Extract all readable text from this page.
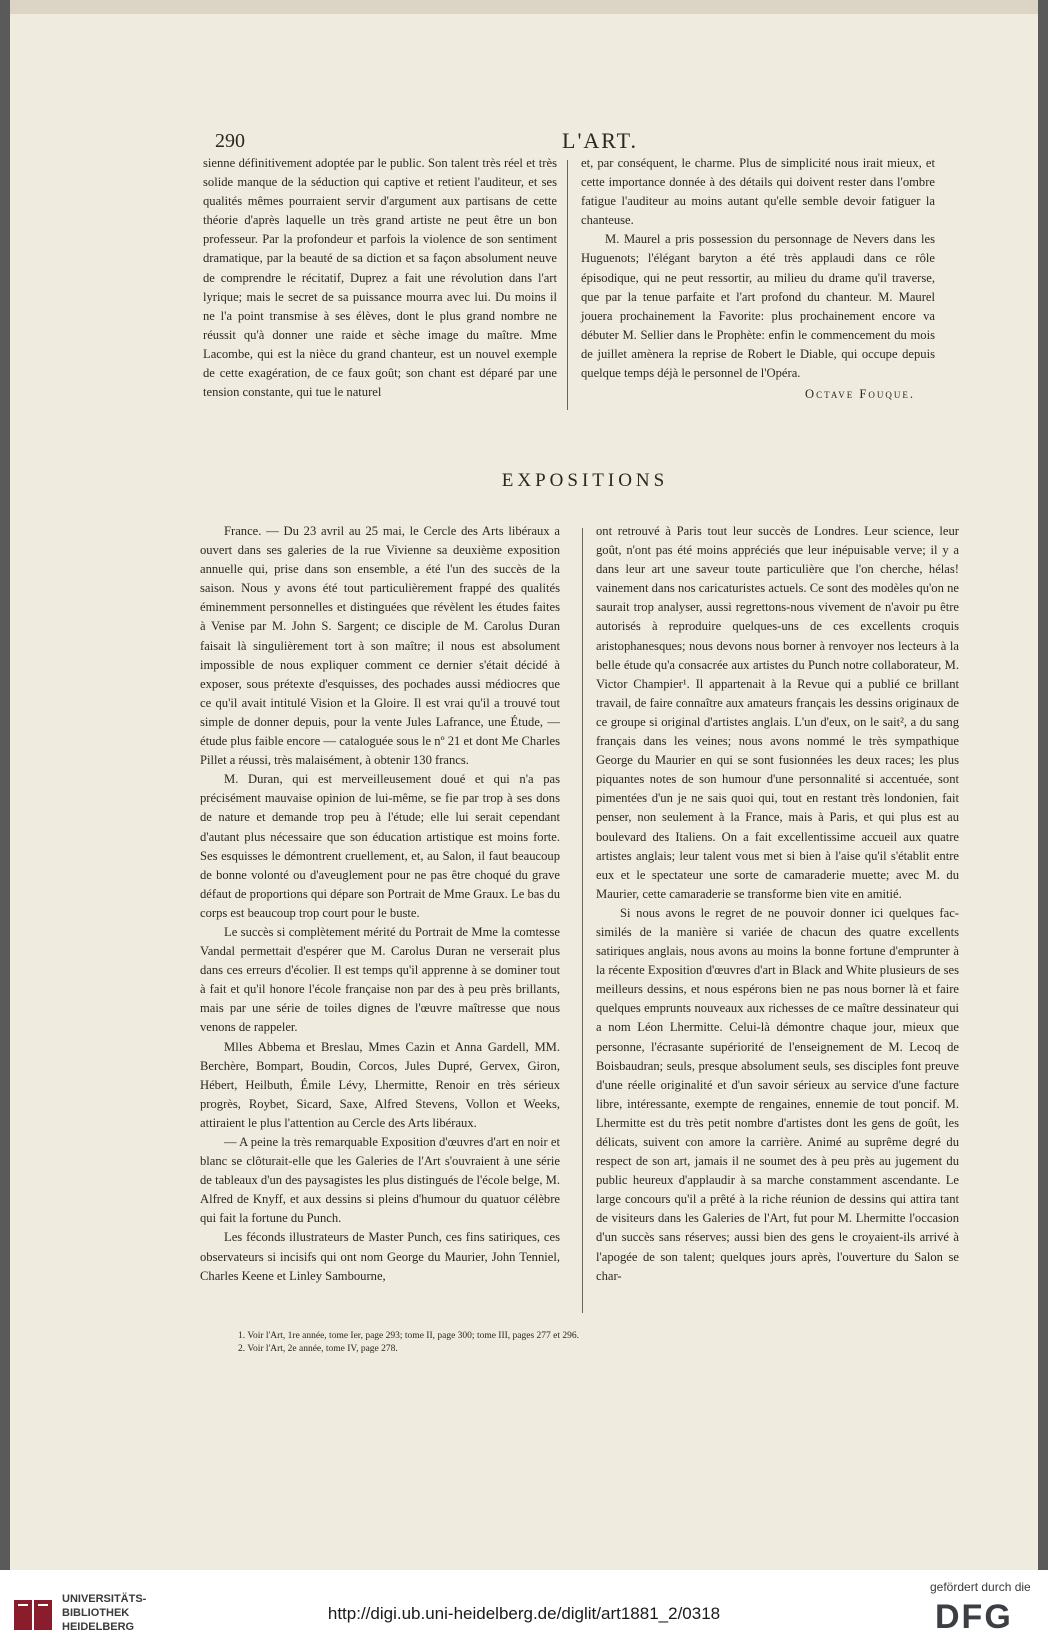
290	L'ART.

sienne définitivement adoptée par le public. Son talent très réel et très solide manque de la séduction qui captive et retient l'auditeur, et ses qualités mêmes pourraient servir d'argument aux partisans de cette théorie d'après laquelle un très grand artiste ne peut être un bon professeur. Par la profondeur et parfois la violence de son sentiment dramatique, par la beauté de sa diction et sa façon absolument neuve de comprendre le récitatif, Duprez a fait une révolution dans l'art lyrique; mais le secret de sa puissance mourra avec lui. Du moins il ne l'a point transmise à ses élèves, dont le plus grand nombre ne réussit qu'à donner une raide et sèche image du maître. Mme Lacombe, qui est la nièce du grand chanteur, est un nouvel exemple de cette exagération, de ce faux goût; son chant est déparé par une tension constante, qui tue le naturel

et, par conséquent, le charme. Plus de simplicité nous irait mieux, et cette importance donnée à des détails qui doivent rester dans l'ombre fatigue l'auditeur au moins autant qu'elle semble devoir fatiguer la chanteuse.

M. Maurel a pris possession du personnage de Nevers dans les Huguenots; l'élégant baryton a été très applaudi dans ce rôle épisodique, qui ne peut ressortir, au milieu du drame qu'il traverse, que par la tenue parfaite et l'art profond du chanteur. M. Maurel jouera prochainement la Favorite: plus prochainement encore va débuter M. Sellier dans le Prophète: enfin le commencement du mois de juillet amènera la reprise de Robert le Diable, qui occupe depuis quelque temps déjà le personnel de l'Opéra.

Octave Fouque.
EXPOSITIONS

France. — Du 23 avril au 25 mai, le Cercle des Arts libéraux a ouvert dans ses galeries de la rue Vivienne sa deuxième exposition annuelle qui, prise dans son ensemble, a été l'un des succès de la saison. Nous y avons été tout particulièrement frappé des qualités éminemment personnelles et distinguées que révèlent les études faites à Venise par M. John S. Sargent; ce disciple de M. Carolus Duran faisait là singulièrement tort à son maître; il nous est absolument impossible de nous expliquer comment ce dernier s'était décidé à exposer, sous prétexte d'esquisses, des pochades aussi médiocres que ce qu'il avait intitulé Vision et la Gloire. Il est vrai qu'il a trouvé tout simple de donner depuis, pour la vente Jules Lafrance, une Étude, — étude plus faible encore — cataloguée sous le nº 21 et dont Me Charles Pillet a réussi, très malaisément, à obtenir 130 francs.

M. Duran, qui est merveilleusement doué et qui n'a pas précisément mauvaise opinion de lui-même, se fie par trop à ses dons de nature et demande trop peu à l'étude; elle lui serait cependant d'autant plus nécessaire que son éducation artistique est moins forte. Ses esquisses le démontrent cruellement, et, au Salon, il faut beaucoup de bonne volonté ou d'aveuglement pour ne pas être choqué du grave défaut de proportions qui dépare son Portrait de Mme Graux. Le bas du corps est beaucoup trop court pour le buste.

Le succès si complètement mérité du Portrait de Mme la comtesse Vandal permettait d'espérer que M. Carolus Duran ne verserait plus dans ces erreurs d'écolier. Il est temps qu'il apprenne à se dominer tout à fait et qu'il honore l'école française non par des à peu près brillants, mais par une série de toiles dignes de l'œuvre maîtresse que nous venons de rappeler.

Mlles Abbema et Breslau, Mmes Cazin et Anna Gardell, MM. Berchère, Bompart, Boudin, Corcos, Jules Dupré, Gervex, Giron, Hébert, Heilbuth, Émile Lévy, Lhermitte, Renoir en très sérieux progrès, Roybet, Sicard, Saxe, Alfred Stevens, Vollon et Weeks, attiraient le plus l'attention au Cercle des Arts libéraux.

— A peine la très remarquable Exposition d'œuvres d'art en noir et blanc se clôturait-elle que les Galeries de l'Art s'ouvraient à une série de tableaux d'un des paysagistes les plus distingués de l'école belge, M. Alfred de Knyff, et aux dessins si pleins d'humour du quatuor célèbre qui fait la fortune du Punch.

Les féconds illustrateurs de Master Punch, ces fins satiriques, ces observateurs si incisifs qui ont nom George du Maurier, John Tenniel, Charles Keene et Linley Sambourne,

ont retrouvé à Paris tout leur succès de Londres. Leur science, leur goût, n'ont pas été moins appréciés que leur inépuisable verve; il y a dans leur art une saveur toute particulière que l'on cherche, hélas! vainement dans nos caricaturistes actuels. Ce sont des modèles qu'on ne saurait trop analyser, aussi regrettons-nous vivement de n'avoir pu être autorisés à reproduire quelques-uns de ces excellents croquis aristophanesques; nous devons nous borner à renvoyer nos lecteurs à la belle étude qu'a consacrée aux artistes du Punch notre collaborateur, M. Victor Champier¹. Il appartenait à la Revue qui a publié ce brillant travail, de faire connaître aux amateurs français les dessins originaux de ce groupe si original d'artistes anglais. L'un d'eux, on le sait², a du sang français dans les veines; nous avons nommé le très sympathique George du Maurier en qui se sont fusionnées les deux races; les plus piquantes notes de son humour d'une personnalité si accentuée, sont pimentées d'un je ne sais quoi qui, tout en restant très londonien, fait penser, non seulement à la France, mais à Paris, et qui plus est au boulevard des Italiens. On a fait excellentissime accueil aux quatre artistes anglais; leur talent vous met si bien à l'aise qu'il s'établit entre eux et le spectateur une sorte de camaraderie muette; avec M. du Maurier, cette camaraderie se transforme bien vite en amitié.

Si nous avons le regret de ne pouvoir donner ici quelques fac-similés de la manière si variée de chacun des quatre excellents satiriques anglais, nous avons au moins la bonne fortune d'emprunter à la récente Exposition d'œuvres d'art in Black and White plusieurs de ses meilleurs dessins, et nous espérons bien ne pas nous borner là et faire quelques emprunts nouveaux aux richesses de ce maître dessinateur qui a nom Léon Lhermitte. Celui-là démontre chaque jour, mieux que personne, l'écrasante supériorité de l'enseignement de M. Lecoq de Boisbaudran; seuls, presque absolument seuls, ses disciples font preuve d'une réelle originalité et d'un savoir sérieux au service d'une facture libre, intéressante, exempte de rengaines, ennemie de tout poncif. M. Lhermitte est du très petit nombre d'artistes dont les gens de goût, les délicats, suivent con amore la carrière. Animé au suprême degré du respect de son art, jamais il ne soumet des à peu près au jugement du public heureux d'applaudir à sa marche constamment ascendante. Le large concours qu'il a prêté à la riche réunion de dessins qui attira tant de visiteurs dans les Galeries de l'Art, fut pour M. Lhermitte l'occasion d'un succès sans réserves; aussi bien des gens le croyaient-ils arrivé à l'apogée de son talent; quelques jours après, l'ouverture du Salon se char-

1. Voir l'Art, 1re année, tome Ier, page 293; tome II, page 300; tome III, pages 277 et 296.
2. Voir l'Art, 2e année, tome IV, page 278.
UNIVERSITÄTS-
BIBLIOTHEK
HEIDELBERG
http://digi.ub.uni-heidelberg.de/diglit/art1881_2/0318
gefördert durch die
DFG
